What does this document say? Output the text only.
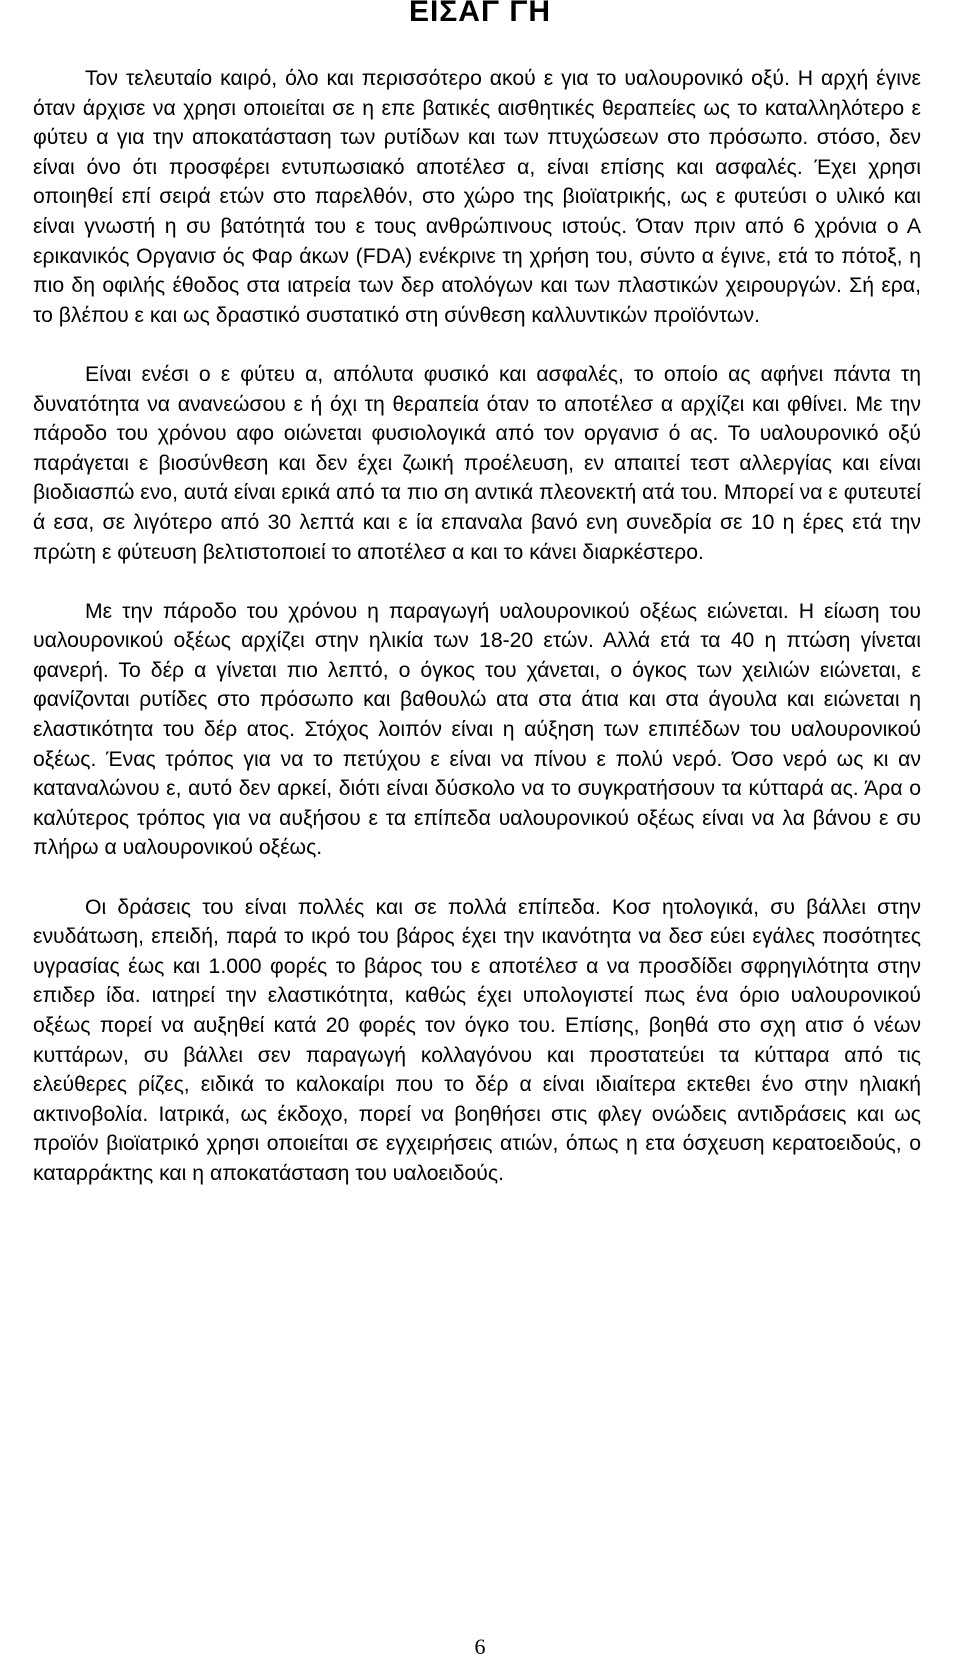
ΕΙΣΑΓ ΓΗ

Τον τελευταίο καιρό, όλο και περισσότερο ακού ε για το υαλουρονικό οξύ. Η αρχή έγινε όταν άρχισε να χρησι οποιείται σε η επε βατικές αισθητικές θεραπείες ως το καταλληλότερο ε φύτευ α για την αποκατάσταση των ρυτίδων και των πτυχώσεων στο πρόσωπο. στόσο, δεν είναι όνο ότι προσφέρει εντυπωσιακό αποτέλεσ α, είναι επίσης και ασφαλές. Έχει χρησι οποιηθεί επί σειρά ετών στο παρελθόν, στο χώρο της βιοϊατρικής, ως ε φυτεύσι ο υλικό και είναι γνωστή η συ βατότητά του ε τους ανθρώπινους ιστούς. Όταν πριν από 6 χρόνια ο Α ερικανικός Οργανισ ός Φαρ άκων (FDA) ενέκρινε τη χρήση του, σύντο α έγινε, ετά το πότοξ, η πιο δη οφιλής έθοδος στα ιατρεία των δερ ατολόγων και των πλαστικών χειρουργών. Σή ερα, το βλέπου ε και ως δραστικό συστατικό στη σύνθεση καλλυντικών προϊόντων.

Είναι ενέσι ο ε φύτευ α, απόλυτα φυσικό και ασφαλές, το οποίο ας αφήνει πάντα τη δυνατότητα να ανανεώσου ε ή όχι τη θεραπεία όταν το αποτέλεσ α αρχίζει και φθίνει. Με την πάροδο του χρόνου αφο οιώνεται φυσιολογικά από τον οργανισ ό ας. Το υαλουρονικό οξύ παράγεται ε βιοσύνθεση και δεν έχει ζωική προέλευση, εν απαιτεί τεστ αλλεργίας και είναι βιοδιασπώ ενο, αυτά είναι ερικά από τα πιο ση αντικά πλεονεκτή ατά του. Μπορεί να ε φυτευτεί ά εσα, σε λιγότερο από 30 λεπτά και ε ία επαναλα βανό ενη συνεδρία σε 10 η έρες ετά την πρώτη ε φύτευση βελτιστοποιεί το αποτέλεσ α και το κάνει διαρκέστερο.

Με την πάροδο του χρόνου η παραγωγή υαλουρονικού οξέως ειώνεται. Η είωση του υαλουρονικού οξέως αρχίζει στην ηλικία των 18-20 ετών. Αλλά ετά τα 40 η πτώση γίνεται φανερή. Το δέρ α γίνεται πιο λεπτό, ο όγκος του χάνεται, ο όγκος των χειλιών ειώνεται, ε φανίζονται ρυτίδες στο πρόσωπο και βαθουλώ ατα στα άτια και στα άγουλα και ειώνεται η ελαστικότητα του δέρ ατος. Στόχος λοιπόν είναι η αύξηση των επιπέδων του υαλουρονικού οξέως. Ένας τρόπος για να το πετύχου ε είναι να πίνου ε πολύ νερό. Όσο νερό ως κι αν καταναλώνου ε, αυτό δεν αρκεί, διότι είναι δύσκολο να το συγκρατήσουν τα κύτταρά ας. Άρα ο καλύτερος τρόπος για να αυξήσου ε τα επίπεδα υαλουρονικού οξέως είναι να λα βάνου ε συ πλήρω α υαλουρονικού οξέως.

Οι δράσεις του είναι πολλές και σε πολλά επίπεδα. Κοσ ητολογικά, συ βάλλει στην ενυδάτωση, επειδή, παρά το ικρό του βάρος έχει την ικανότητα να δεσ εύει εγάλες ποσότητες υγρασίας έως και 1.000 φορές το βάρος του ε αποτέλεσ α να προσδίδει σφρηγιλότητα στην επιδερ ίδα. ιατηρεί την ελαστικότητα, καθώς έχει υπολογιστεί πως ένα όριο υαλουρονικού οξέως πορεί να αυξηθεί κατά 20 φορές τον όγκο του. Επίσης, βοηθά στο σχη ατισ ό νέων κυττάρων, συ βάλλει σεν παραγωγή κολλαγόνου και προστατεύει τα κύτταρα από τις ελεύθερες ρίζες, ειδικά το καλοκαίρι που το δέρ α είναι ιδιαίτερα εκτεθει ένο στην ηλιακή ακτινοβολία. Ιατρικά, ως έκδοχο, πορεί να βοηθήσει στις φλεγ ονώδεις αντιδράσεις και ως προϊόν βιοϊατρικό χρησι οποιείται σε εγχειρήσεις ατιών, όπως η ετα όσχευση κερατοειδούς, ο καταρράκτης και η αποκατάσταση του υαλοειδούς.

6
